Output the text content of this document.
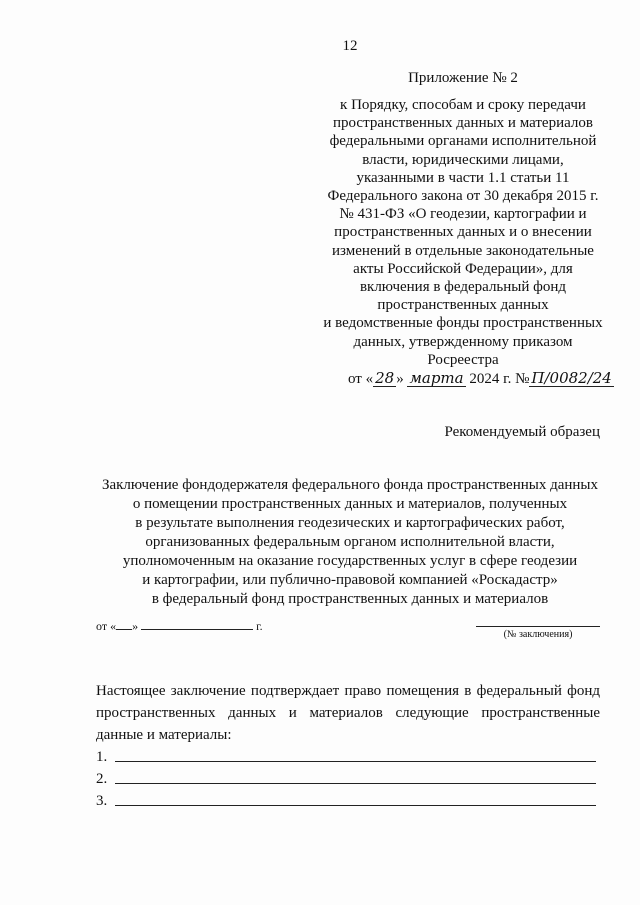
12
Приложение № 2
к Порядку, способам и сроку передачи
пространственных данных и материалов
федеральными органами исполнительной
власти, юридическими лицами,
указанными в части 1.1 статьи 11
Федерального закона от 30 декабря 2015 г.
№ 431-ФЗ «О геодезии, картографии и
пространственных данных и о внесении
изменений в отдельные законодательные
акты Российской Федерации», для
включения в федеральный фонд
пространственных данных
и ведомственные фонды пространственных
данных, утвержденному приказом
Росреестра
от « 28 » марта 2024 г. № П/0082/24
Рекомендуемый образец
Заключение фондодержателя федерального фонда пространственных данных
о помещении пространственных данных и материалов, полученных
в результате выполнения геодезических и картографических работ,
организованных федеральным органом исполнительной власти,
уполномоченным на оказание государственных услуг в сфере геодезии
и картографии, или публично-правовой компанией «Роскадастр»
в федеральный фонд пространственных данных и материалов
от « »	г.
(№ заключения)
Настоящее заключение подтверждает право помещения в федеральный фонд пространственных данных и материалов следующие пространственные данные и материалы:
1.
2.
3.
